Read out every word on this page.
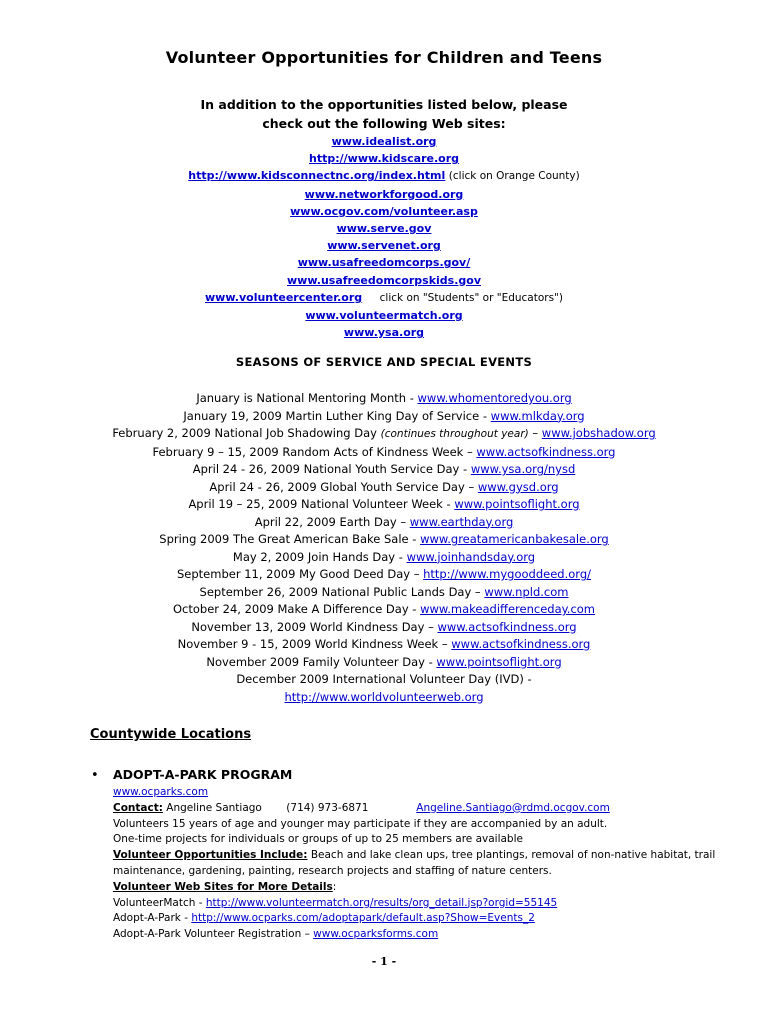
Volunteer Opportunities for Children and Teens
In addition to the opportunities listed below, please
check out the following Web sites:
www.idealist.org
http://www.kidscare.org
http://www.kidsconnectnc.org/index.html (click on Orange County)
www.networkforgood.org
www.ocgov.com/volunteer.asp
www.serve.gov
www.servenet.org
www.usafreedomcorps.gov/
www.usafreedomcorpskids.gov
www.volunteercenter.org click on "Students" or "Educators")
www.volunteermatch.org
www.ysa.org
SEASONS OF SERVICE AND SPECIAL EVENTS
January is National Mentoring Month - www.whomentoredyou.org
January 19, 2009 Martin Luther King Day of Service - www.mlkday.org
February 2, 2009 National Job Shadowing Day (continues throughout year) – www.jobshadow.org
February 9 – 15, 2009 Random Acts of Kindness Week – www.actsofkindness.org
April 24 - 26, 2009 National Youth Service Day - www.ysa.org/nysd
April 24 - 26, 2009 Global Youth Service Day – www.gysd.org
April 19 – 25, 2009 National Volunteer Week - www.pointsoflight.org
April 22, 2009 Earth Day – www.earthday.org
Spring 2009 The Great American Bake Sale - www.greatamericanbakesale.org
May 2, 2009 Join Hands Day - www.joinhandsday.org
September 11, 2009 My Good Deed Day – http://www.mygooddeed.org/
September 26, 2009 National Public Lands Day – www.npld.com
October 24, 2009 Make A Difference Day - www.makeadifferenceday.com
November 13, 2009 World Kindness Day – www.actsofkindness.org
November 9 - 15, 2009 World Kindness Week – www.actsofkindness.org
November 2009 Family Volunteer Day - www.pointsoflight.org
December 2009 International Volunteer Day (IVD) -
http://www.worldvolunteerweb.org
Countywide Locations
• ADOPT-A-PARK PROGRAM
www.ocparks.com
Contact: Angeline Santiago (714) 973-6871	Angeline.Santiago@rdmd.ocgov.com
Volunteers 15 years of age and younger may participate if they are accompanied by an adult.
One-time projects for individuals or groups of up to 25 members are available
Volunteer Opportunities Include: Beach and lake clean ups, tree plantings, removal of non-native habitat, trail maintenance, gardening, painting, research projects and staffing of nature centers.
Volunteer Web Sites for More Details:
VolunteerMatch - http://www.volunteermatch.org/results/org_detail.jsp?orgid=55145
Adopt-A-Park - http://www.ocparks.com/adoptapark/default.asp?Show=Events_2
Adopt-A-Park Volunteer Registration – www.ocparksforms.com
- 1 -
